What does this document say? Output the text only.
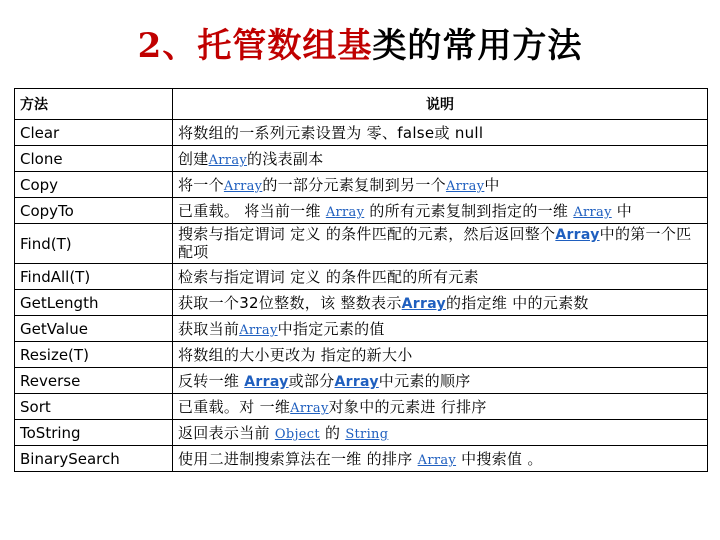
2、托管数组基类的常用方法
方法	说明
Clear	将数组的一系列元素设置为 零、false或 null
Clone	创建Array的浅表副本
Copy	将一个Array的一部分元素复制到另一个Array中
CopyTo	已重载。 将当前一维 Array 的所有元素复制到指定的一维 Array 中
Find(T)	搜索与指定谓词 定义 的条件匹配的元素，然后返回整个Array中的第一个匹配项
FindAll(T)	检索与指定谓词 定义 的条件匹配的所有元素
GetLength	获取一个32位整数，该 整数表示Array的指定维 中的元素数
GetValue	获取当前Array中指定元素的值
Resize(T)	将数组的大小更改为 指定的新大小
Reverse	反转一维 Array或部分Array中元素的顺序
Sort	已重载。对 一维Array对象中的元素进 行排序
ToString	返回表示当前 Object 的 String
BinarySearch	使用二进制搜索算法在一维 的排序 Array 中搜索值 。
